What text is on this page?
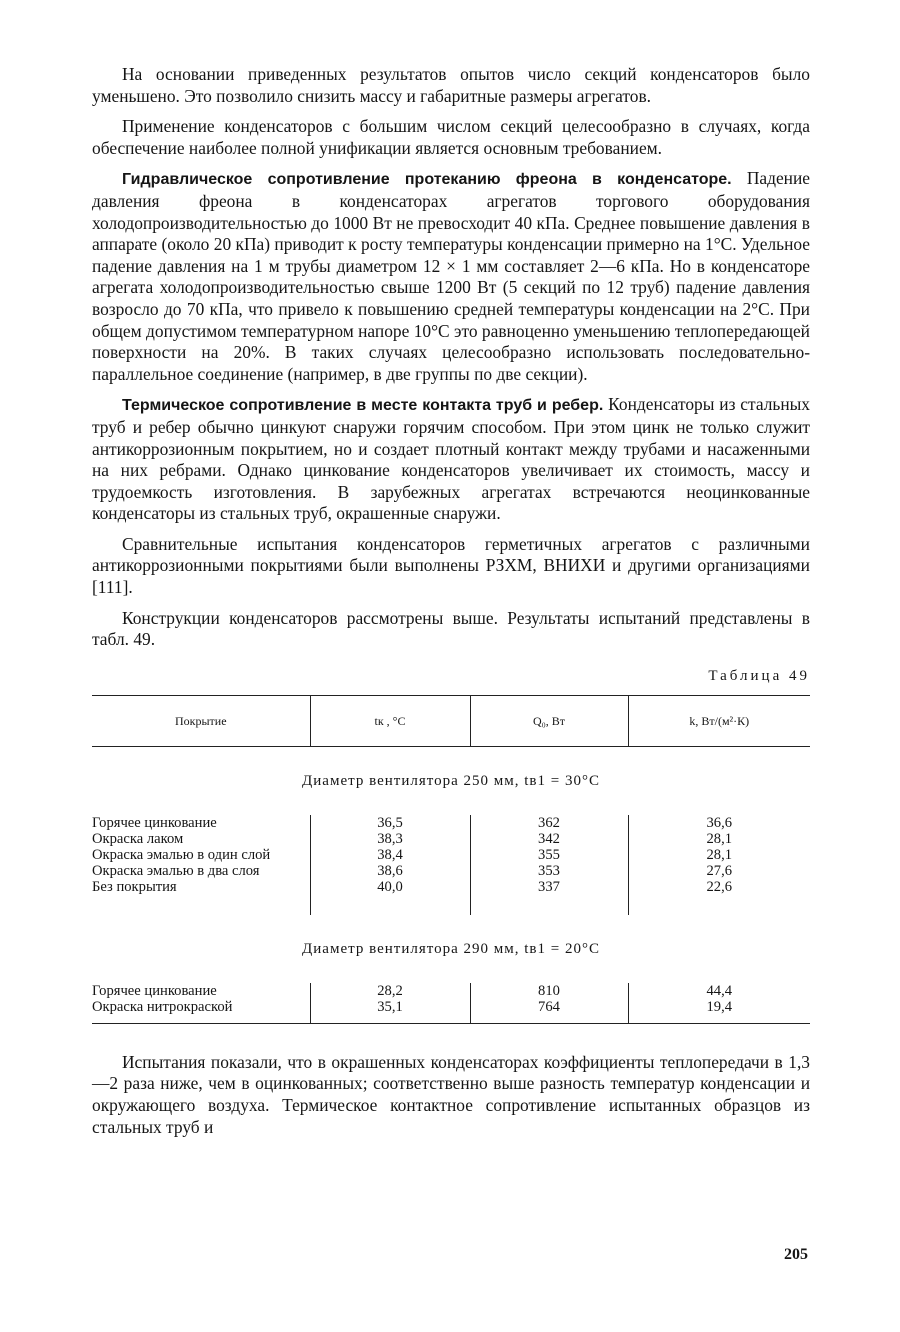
На основании приведенных результатов опытов число секций конденсаторов было уменьшено. Это позволило снизить массу и габаритные размеры агрегатов.

Применение конденсаторов с большим числом секций целесообразно в случаях, когда обеспечение наиболее полной унификации является основным требованием.

Гидравлическое сопротивление протеканию фреона в конденсаторе. Падение давления фреона в конденсаторах агрегатов торгового оборудования холодопроизводительностью до 1000 Вт не превосходит 40 кПа. Среднее повышение давления в аппарате (около 20 кПа) приводит к росту температуры конденсации примерно на 1°С. Удельное падение давления на 1 м трубы диаметром 12 × 1 мм составляет 2—6 кПа. Но в конденсаторе агрегата холодопроизводительностью свыше 1200 Вт (5 секций по 12 труб) падение давления возросло до 70 кПа, что привело к повышению средней температуры конденсации на 2°С. При общем допустимом температурном напоре 10°С это равноценно уменьшению теплопередающей поверхности на 20%. В таких случаях целесообразно использовать последовательно-параллельное соединение (например, в две группы по две секции).

Термическое сопротивление в месте контакта труб и ребер. Конденсаторы из стальных труб и ребер обычно цинкуют снаружи горячим способом. При этом цинк не только служит антикоррозионным покрытием, но и создает плотный контакт между трубами и насаженными на них ребрами. Однако цинкование конденсаторов увеличивает их стоимость, массу и трудоемкость изготовления. В зарубежных агрегатах встречаются неоцинкованные конденсаторы из стальных труб, окрашенные снаружи.

Сравнительные испытания конденсаторов герметичных агрегатов с различными антикоррозионными покрытиями были выполнены РЗХМ, ВНИХИ и другими организациями [111].

Конструкции конденсаторов рассмотрены выше. Результаты испытаний представлены в табл. 49.

Таблица 49
Покрытие	tк , °С	Q₀, Вт	k, Вт/(м²·К)
Диаметр вентилятора 250 мм, tв1 = 30°С			
Горячее цинкование	36,5	362	36,6
Окраска лаком	38,3	342	28,1
Окраска эмалью в один слой	38,4	355	28,1
Окраска эмалью в два слоя	38,6	353	27,6
Без покрытия	40,0	337	22,6
Диаметр вентилятора 290 мм, tв1 = 20°С			
Горячее цинкование	28,2	810	44,4
Окраска нитрокраской	35,1	764	19,4

Испытания показали, что в окрашенных конденсаторах коэффициенты теплопередачи в 1,3—2 раза ниже, чем в оцинкованных; соответственно выше разность температур конденсации и окружающего воздуха. Термическое контактное сопротивление испытанных образцов из стальных труб и

205
